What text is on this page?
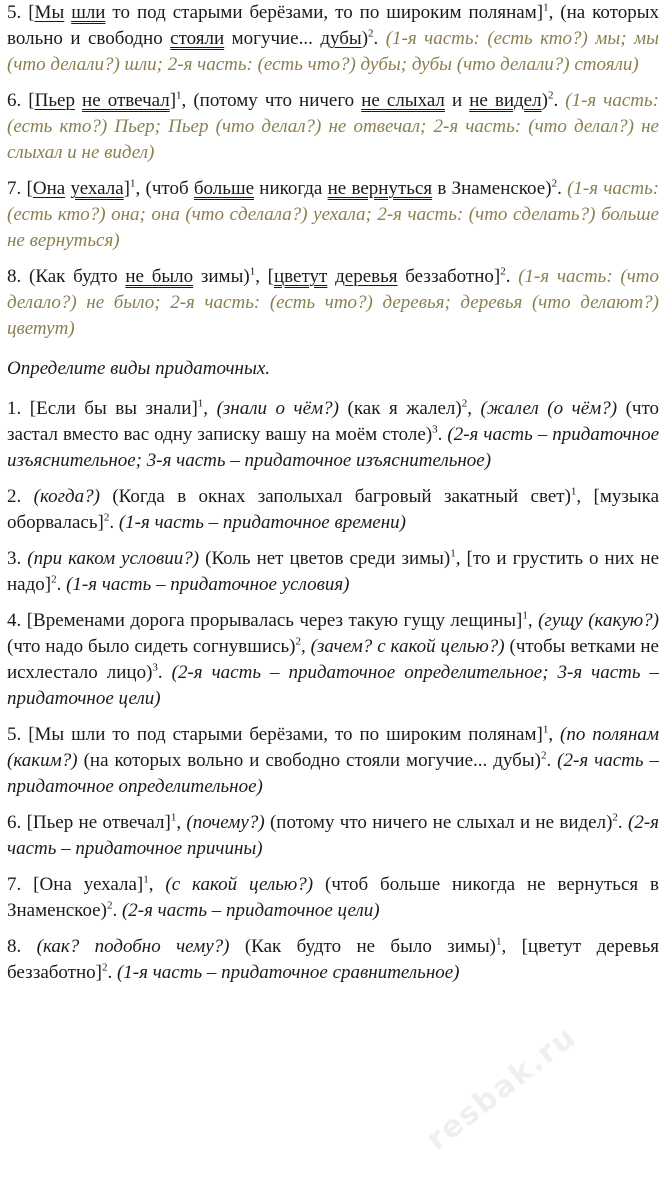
5. [Мы шли то под старыми берёзами, то по широким полянам]$^1$, (на которых вольно и свободно стояли могучие... дубы)$^2$. (1-я часть: (есть кто?) мы; мы (что делали?) шли; 2-я часть: (есть что?) дубы; дубы (что делали?) стояли)

6. [Пьер не отвечал]$^1$, (потому что ничего не слыхал и не видел)$^2$. (1-я часть: (есть кто?) Пьер; Пьер (что делал?) не отвечал; 2-я часть: (что делал?) не слыхал и не видел)

7. [Она уехала]$^1$, (чтоб больше никогда не вернуться в Знаменское)$^2$. (1-я часть: (есть кто?) она; она (что сделала?) уехала; 2-я часть: (что сделать?) больше не вернуться)

8. (Как будто не было зимы)$^1$, [цветут деревья беззаботно]$^2$. (1-я часть: (что делало?) не было; 2-я часть: (есть что?) деревья; деревья (что делают?) цветут)

Определите виды придаточных.

1. [Если бы вы знали]$^1$, (знали о чём?) (как я жалел)$^2$, (жалел (о чём?) (что застал вместо вас одну записку вашу на моём столе)$^3$. (2-я часть – придаточное изъяснительное; 3-я часть – придаточное изъяснительное)

2. (когда?) (Когда в окнах заполыхал багровый закатный свет)$^1$, [музыка оборвалась]$^2$. (1-я часть – придаточное времени)

3. (при каком условии?) (Коль нет цветов среди зимы)$^1$, [то и грустить о них не надо]$^2$. (1-я часть – придаточное условия)

4. [Временами дорога прорывалась через такую гущу лещины]$^1$, (гущу (какую?) (что надо было сидеть согнувшись)$^2$, (зачем? с какой целью?) (чтобы ветками не исхлестало лицо)$^3$. (2-я часть – придаточное определительное; 3-я часть – придаточное цели)

5. [Мы шли то под старыми берёзами, то по широким полянам]$^1$, (по полянам (каким?) (на которых вольно и свободно стояли могучие... дубы)$^2$. (2-я часть – придаточное определительное)

6. [Пьер не отвечал]$^1$, (почему?) (потому что ничего не слыхал и не видел)$^2$. (2-я часть – придаточное причины)

7. [Она уехала]$^1$, (с какой целью?) (чтоб больше никогда не вернуться в Знаменское)$^2$. (2-я часть – придаточное цели)

8. (как? подобно чему?) (Как будто не было зимы)$^1$, [цветут деревья беззаботно]$^2$. (1-я часть – придаточное сравнительное)

resbak.ru
